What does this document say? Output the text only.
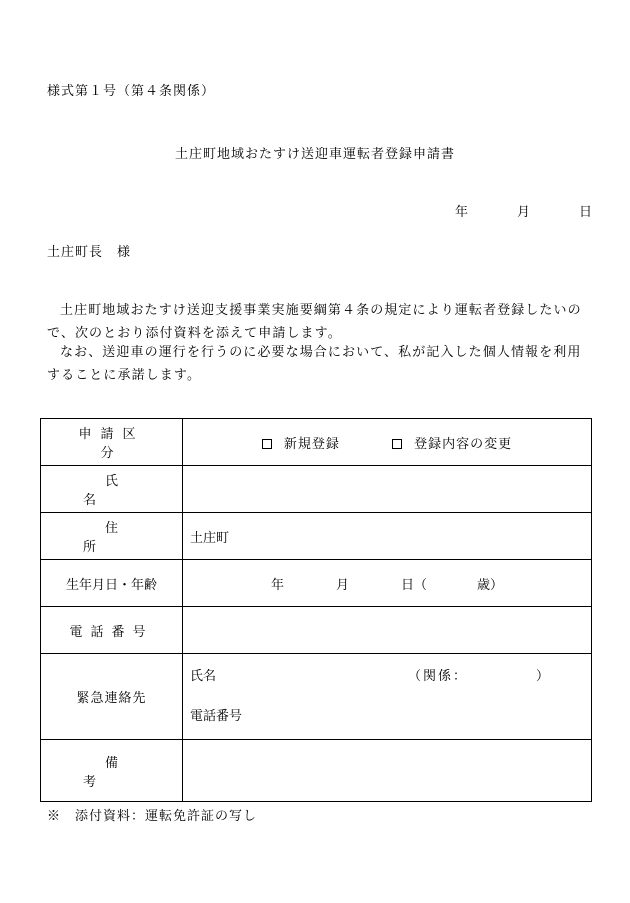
様式第１号（第４条関係）
土庄町地域おたすけ送迎車運転者登録申請書
年	月	日
土庄町長　様
土庄町地域おたすけ送迎支援事業実施要綱第４条の規定により運転者登録したいので、次のとおり添付資料を添えて申請します。
なお、送迎車の運行を行うのに必要な場合において、私が記入した個人情報を利用することに承諾します。
申請区分	新規登録 登録内容の変更
氏名	
住所	土庄町
生年月日・年齢	年 月 日（ 歳）
電話番号	
緊急連絡先	氏名 （関係： ）
電話番号

備考	
※　添付資料：運転免許証の写し
